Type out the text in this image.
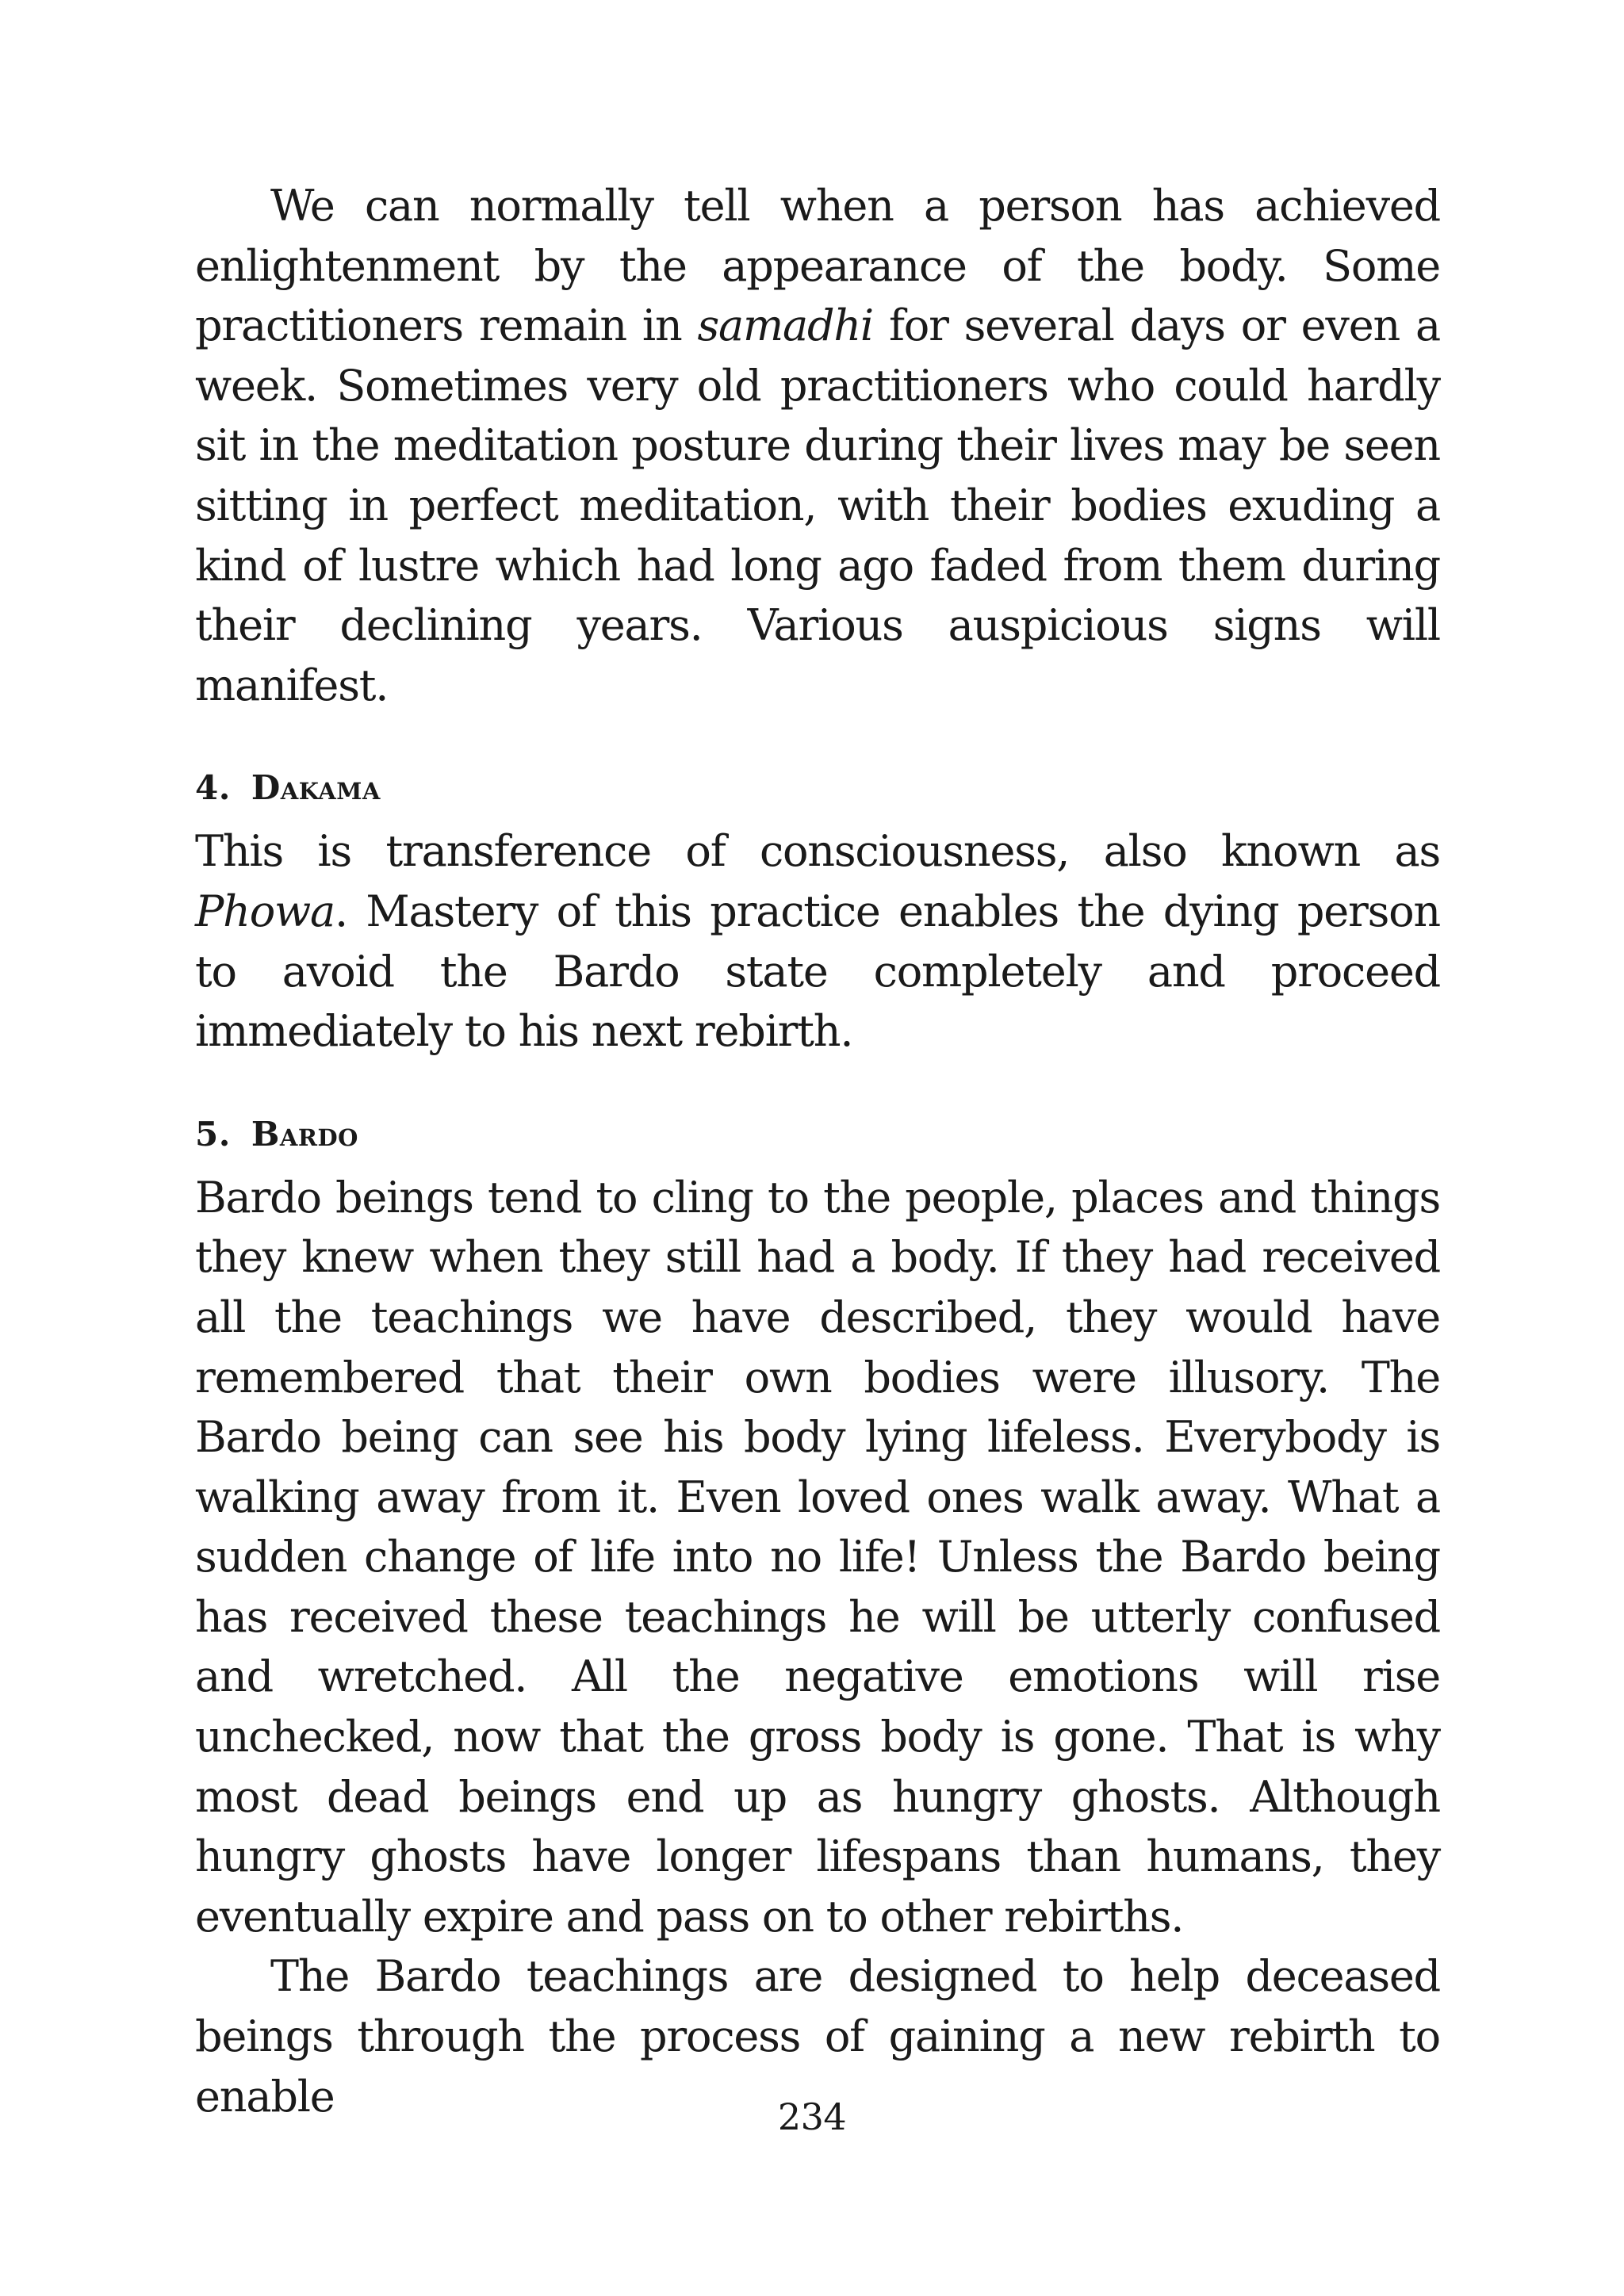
We can normally tell when a person has achieved enlightenment by the appearance of the body. Some practitioners remain in samadhi for several days or even a week. Sometimes very old practitioners who could hardly sit in the meditation posture during their lives may be seen sitting in perfect meditation, with their bodies exuding a kind of lustre which had long ago faded from them during their declining years. Various auspicious signs will manifest.

4. Dakama

This is transference of consciousness, also known as Phowa. Mastery of this practice enables the dying person to avoid the Bardo state completely and proceed immediately to his next rebirth.

5. Bardo

Bardo beings tend to cling to the people, places and things they knew when they still had a body. If they had received all the teachings we have described, they would have remembered that their own bodies were illusory. The Bardo being can see his body lying lifeless. Everybody is walking away from it. Even loved ones walk away. What a sudden change of life into no life! Unless the Bardo being has received these teachings he will be utterly confused and wretched. All the negative emotions will rise unchecked, now that the gross body is gone. That is why most dead beings end up as hungry ghosts. Although hungry ghosts have longer lifespans than humans, they eventually expire and pass on to other rebirths.

The Bardo teachings are designed to help deceased beings through the process of gaining a new rebirth to enable	234
